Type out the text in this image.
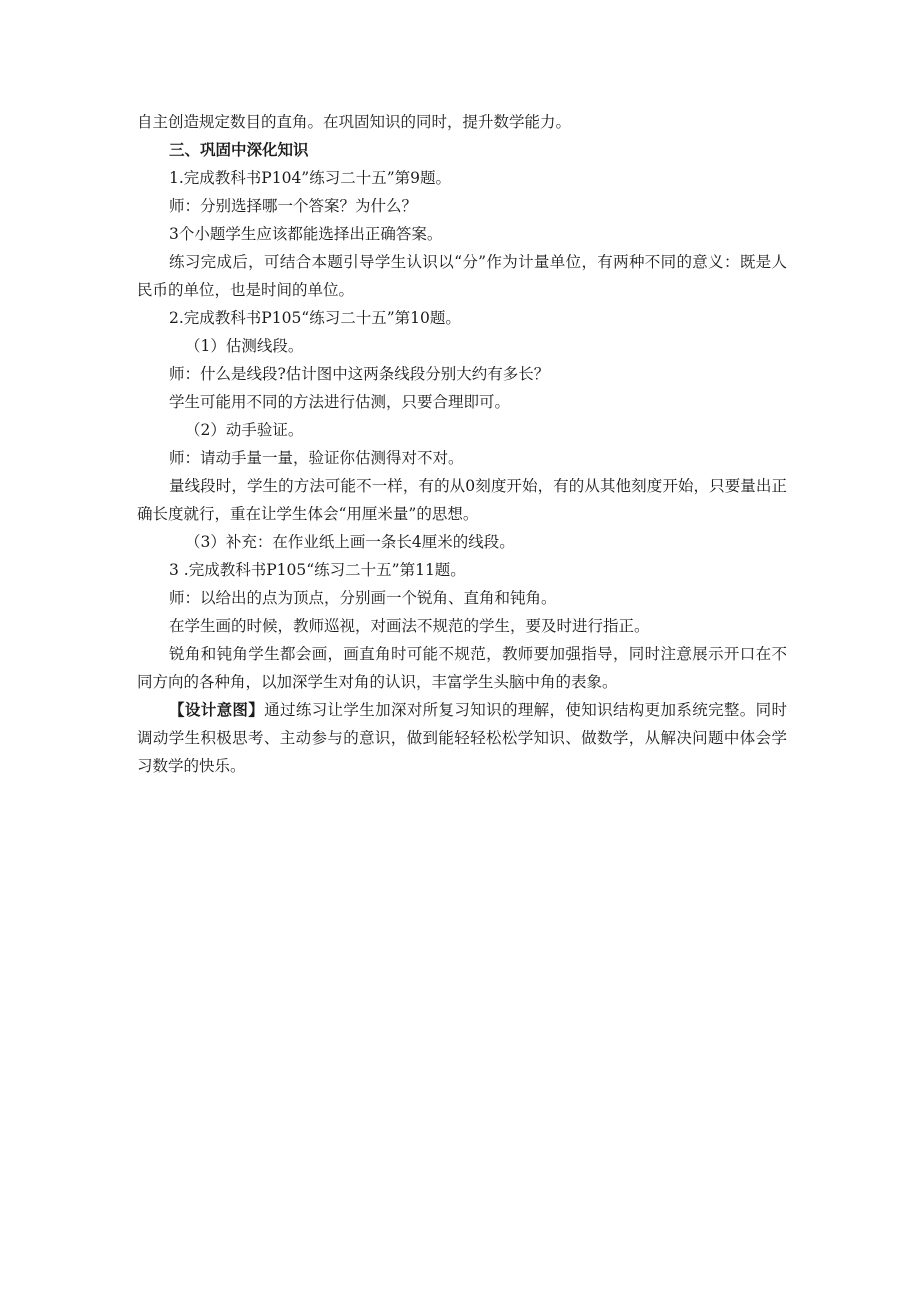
自主创造规定数目的直角。在巩固知识的同时，提升数学能力。

三、巩固中深化知识

1.完成教科书P104”练习二十五”第9题。

师：分别选择哪一个答案？为什么？

3个小题学生应该都能选择出正确答案。

练习完成后，可结合本题引导学生认识以“分”作为计量单位，有两种不同的意义：既是人民币的单位，也是时间的单位。

2.完成教科书P105“练习二十五”第10题。

（1）估测线段。

师：什么是线段?估计图中这两条线段分别大约有多长？

学生可能用不同的方法进行估测，只要合理即可。

（2）动手验证。

师：请动手量一量，验证你估测得对不对。

量线段时，学生的方法可能不一样，有的从0刻度开始，有的从其他刻度开始，只要量出正确长度就行，重在让学生体会“用厘米量”的思想。

（3）补充：在作业纸上画一条长4厘米的线段。

3 .完成教科书P105“练习二十五”第11题。

师：以给出的点为顶点，分别画一个锐角、直角和钝角。

在学生画的时候，教师巡视，对画法不规范的学生，要及时进行指正。

锐角和钝角学生都会画，画直角时可能不规范，教师要加强指导，同时注意展示开口在不同方向的各种角，以加深学生对角的认识，丰富学生头脑中角的表象。

【设计意图】通过练习让学生加深对所复习知识的理解，使知识结构更加系统完整。同时调动学生积极思考、主动参与的意识，做到能轻轻松松学知识、做数学，从解决问题中体会学习数学的快乐。
